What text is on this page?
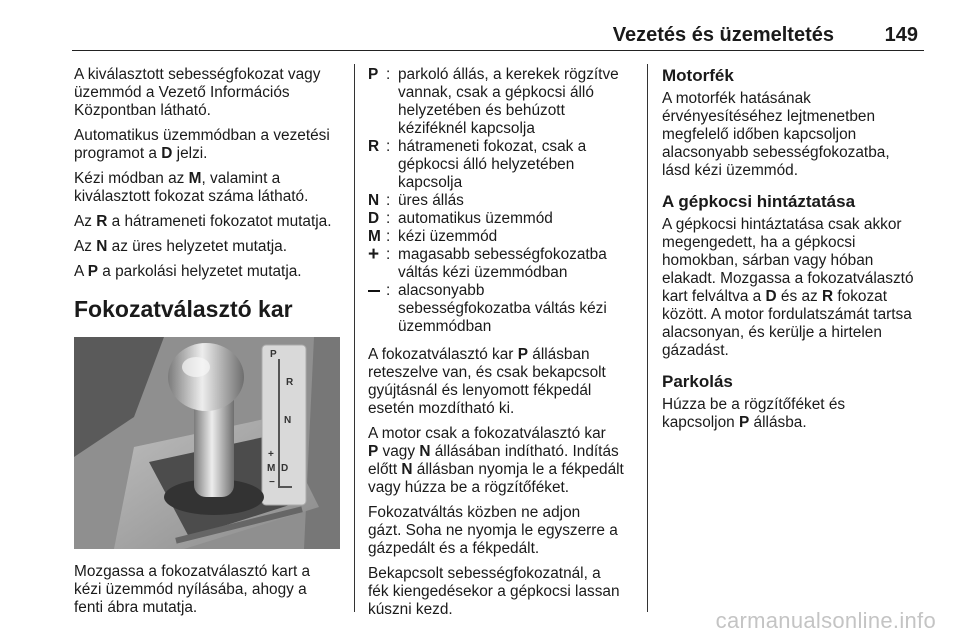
Vezetés és üzemeltetés	149

A kiválasztott sebességfokozat vagy
üzemmód a Vezető Információs
Központban látható.

Automatikus üzemmódban a vezetési
programot a D jelzi.

Kézi módban az M, valamint a
kiválasztott fokozat száma látható.

Az R a hátrameneti fokozatot mutatja.

Az N az üres helyzetet mutatja.

A P a parkolási helyzetet mutatja.

Fokozatválasztó kar
P
R
N
+
M D
−

Mozgassa a fokozatválasztó kart a
kézi üzemmód nyílásába, ahogy a
fenti ábra mutatja.

P : parkoló állás, a kerekek rögzítve
vannak, csak a gépkocsi álló
helyzetében és behúzott
kéziféknél kapcsolja
R : hátrameneti fokozat, csak a
gépkocsi álló helyzetében
kapcsolja
N : üres állás
D : automatikus üzemmód
M : kézi üzemmód
+ : magasabb sebességfokozatba
váltás kézi üzemmódban
: alacsonyabb
sebességfokozatba váltás kézi
üzemmódban

A fokozatválasztó kar P állásban
reteszelve van, és csak bekapcsolt
gyújtásnál és lenyomott fékpedál
esetén mozdítható ki.

A motor csak a fokozatválasztó kar
P vagy N állásában indítható. Indítás
előtt N állásban nyomja le a fékpedált
vagy húzza be a rögzítőféket.

Fokozatváltás közben ne adjon
gázt. Soha ne nyomja le egyszerre a
gázpedált és a fékpedált.

Bekapcsolt sebességfokozatnál, a
fék kiengedésekor a gépkocsi lassan
kúszni kezd.

Motorfék

A motorfék hatásának
érvényesítéséhez lejtmenetben
megfelelő időben kapcsoljon
alacsonyabb sebességfokozatba,
lásd kézi üzemmód.

A gépkocsi hintáztatása

A gépkocsi hintáztatása csak akkor
megengedett, ha a gépkocsi
homokban, sárban vagy hóban
elakadt. Mozgassa a fokozatválasztó
kart felváltva a D és az R fokozat
között. A motor fordulatszámát tartsa
alacsonyan, és kerülje a hirtelen
gázadást.

Parkolás

Húzza be a rögzítőféket és
kapcsoljon P állásba.

carmanualsonline.info
